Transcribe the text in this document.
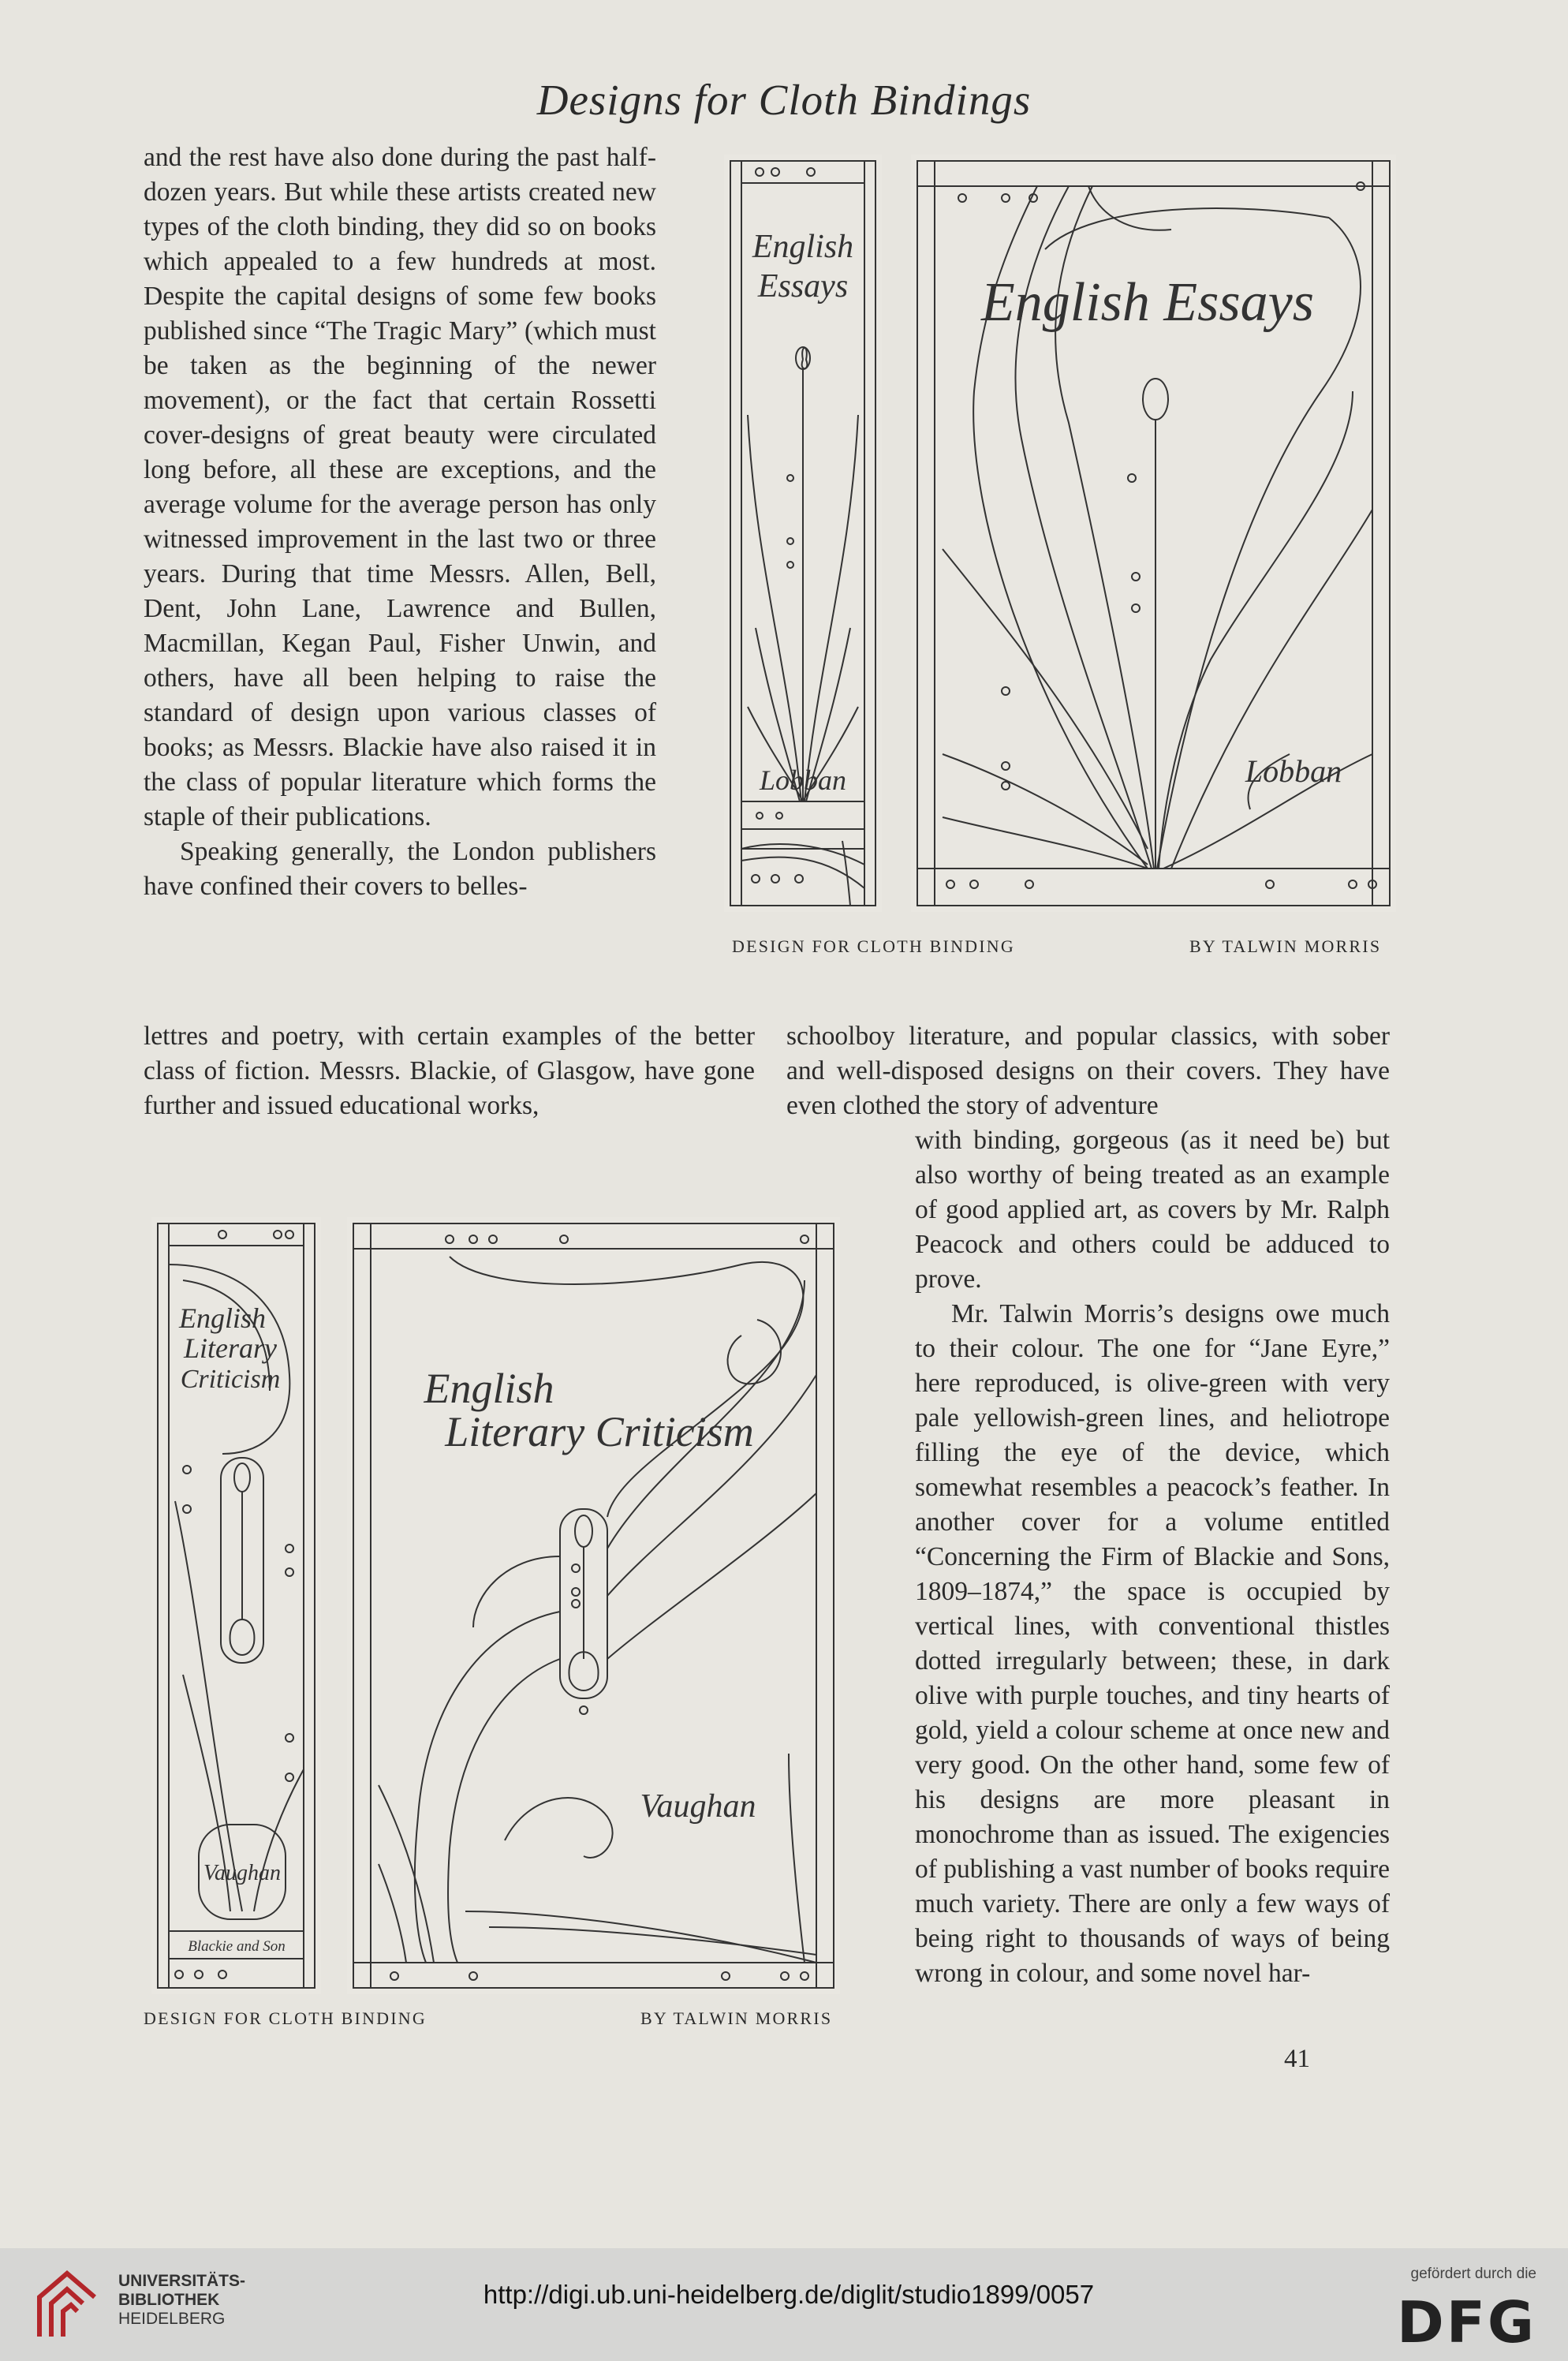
Designs for Cloth Bindings

and the rest have also done during the past half-dozen years. But while these artists created new types of the cloth binding, they did so on books which appealed to a few hundreds at most. Despite the capital designs of some few books published since “The Tragic Mary” (which must be taken as the beginning of the newer movement), or the fact that certain Rossetti cover-designs of great beauty were circulated long before, all these are exceptions, and the average volume for the average person has only witnessed improvement in the last two or three years. During that time Messrs. Allen, Bell, Dent, John Lane, Lawrence and Bullen, Macmillan, Kegan Paul, Fisher Unwin, and others, have all been helping to raise the standard of design upon various classes of books; as Messrs. Blackie have also raised it in the class of popular literature which forms the staple of their publications.

Speaking generally, the London publishers have confined their covers to belles-

lettres and poetry, with certain examples of the better class of fiction. Messrs. Blackie, of Glasgow, have gone further and issued educational works,

schoolboy literature, and popular classics, with sober and well-disposed designs on their covers. They have even clothed the story of adventure

with binding, gorgeous (as it need be) but also worthy of being treated as an example of good applied art, as covers by Mr. Ralph Peacock and others could be adduced to prove.

Mr. Talwin Morris’s designs owe much to their colour. The one for “Jane Eyre,” here reproduced, is olive-green with very pale yellowish-green lines, and heliotrope filling the eye of the device, which somewhat resembles a peacock’s feather. In another cover for a volume entitled “Concerning the Firm of Blackie and Sons, 1809–1874,” the space is occupied by vertical lines, with conventional thistles dotted irregularly between; these, in dark olive with purple touches, and tiny hearts of gold, yield a colour scheme at once new and very good. On the other hand, some few of his designs are more pleasant in monochrome than as issued. The exigencies of publishing a vast number of books require much variety. There are only a few ways of being right to thousands of ways of being wrong in colour, and some novel har-

English
Essays
Lobban
English Essays
Lobban
DESIGN FOR CLOTH BINDING	BY TALWIN MORRIS
English
Literary
Criticism
Vaughan
Blackie and Son
English
Literary Criticism
Vaughan
DESIGN FOR CLOTH BINDING	BY TALWIN MORRIS
41
UNIVERSITÄTS-
BIBLIOTHEK
HEIDELBERG
http://digi.ub.uni-heidelberg.de/diglit/studio1899/0057
gefördert durch die
DFG
